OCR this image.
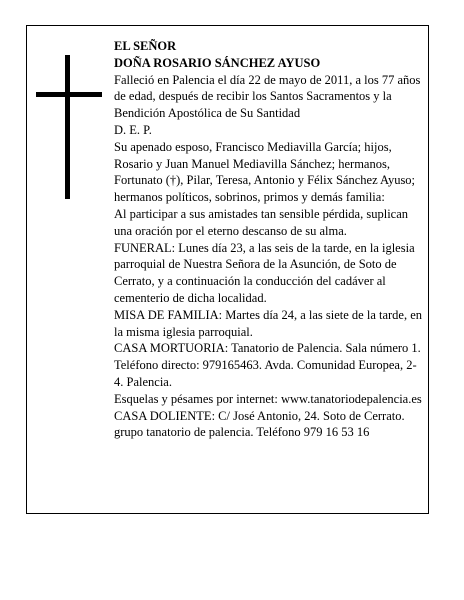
EL SEÑOR

DOÑA ROSARIO SÁNCHEZ AYUSO

Falleció en Palencia el día 22 de mayo de 2011, a los 77 años de edad, después de recibir los Santos Sacramentos y la Bendición Apostólica de Su Santidad

D. E. P.

Su apenado esposo, Francisco Mediavilla García; hijos, Rosario y Juan Manuel Mediavilla Sánchez; hermanos, Fortunato (†), Pilar, Teresa, Antonio y Félix Sánchez Ayuso; hermanos políticos, sobrinos, primos y demás familia:

Al participar a sus amistades tan sensible pérdida, suplican una oración por el eterno descanso de su alma.

FUNERAL: Lunes día 23, a las seis de la tarde, en la iglesia parroquial de Nuestra Señora de la Asunción, de Soto de Cerrato, y a continuación la conducción del cadáver al cementerio de dicha localidad.

MISA DE FAMILIA: Martes día 24, a las siete de la tarde, en la misma iglesia parroquial.

CASA MORTUORIA: Tanatorio de Palencia. Sala número 1. Teléfono directo: 979165463. Avda. Comunidad Europea, 2-4. Palencia.

Esquelas y pésames por internet: www.tanatoriodepalencia.es

CASA DOLIENTE: C/ José Antonio, 24. Soto de Cerrato.

grupo tanatorio de palencia. Teléfono 979 16 53 16
